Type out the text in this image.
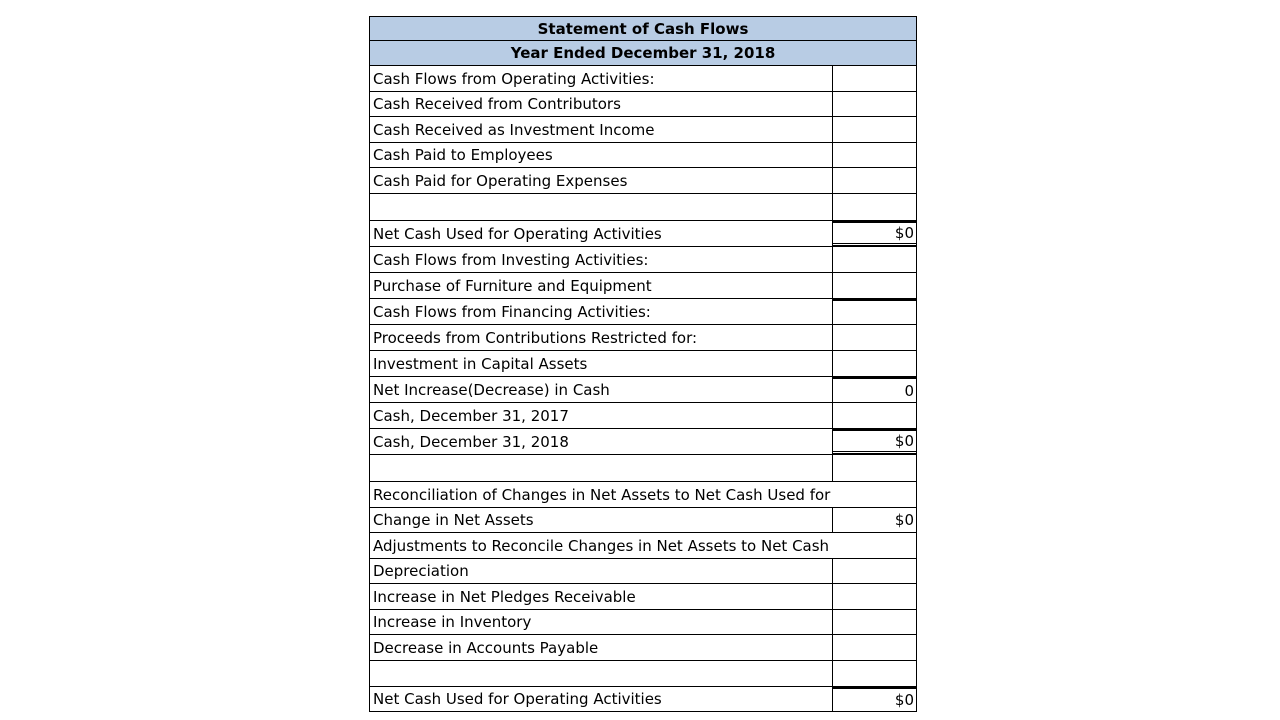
Statement of Cash Flows
Year Ended December 31, 2018
Cash Flows from Operating Activities:
Cash Received from Contributors
Cash Received as Investment Income
Cash Paid to Employees
Cash Paid for Operating Expenses
Net Cash Used for Operating Activities	$0
Cash Flows from Investing Activities:
Purchase of Furniture and Equipment
Cash Flows from Financing Activities:
Proceeds from Contributions Restricted for:
Investment in Capital Assets
Net Increase(Decrease) in Cash	0
Cash, December 31, 2017
Cash, December 31, 2018	$0
Reconciliation of Changes in Net Assets to Net Cash Used for
Change in Net Assets	$0
Adjustments to Reconcile Changes in Net Assets to Net Cash
Depreciation
Increase in Net Pledges Receivable
Increase in Inventory
Decrease in Accounts Payable
Net Cash Used for Operating Activities	$0
